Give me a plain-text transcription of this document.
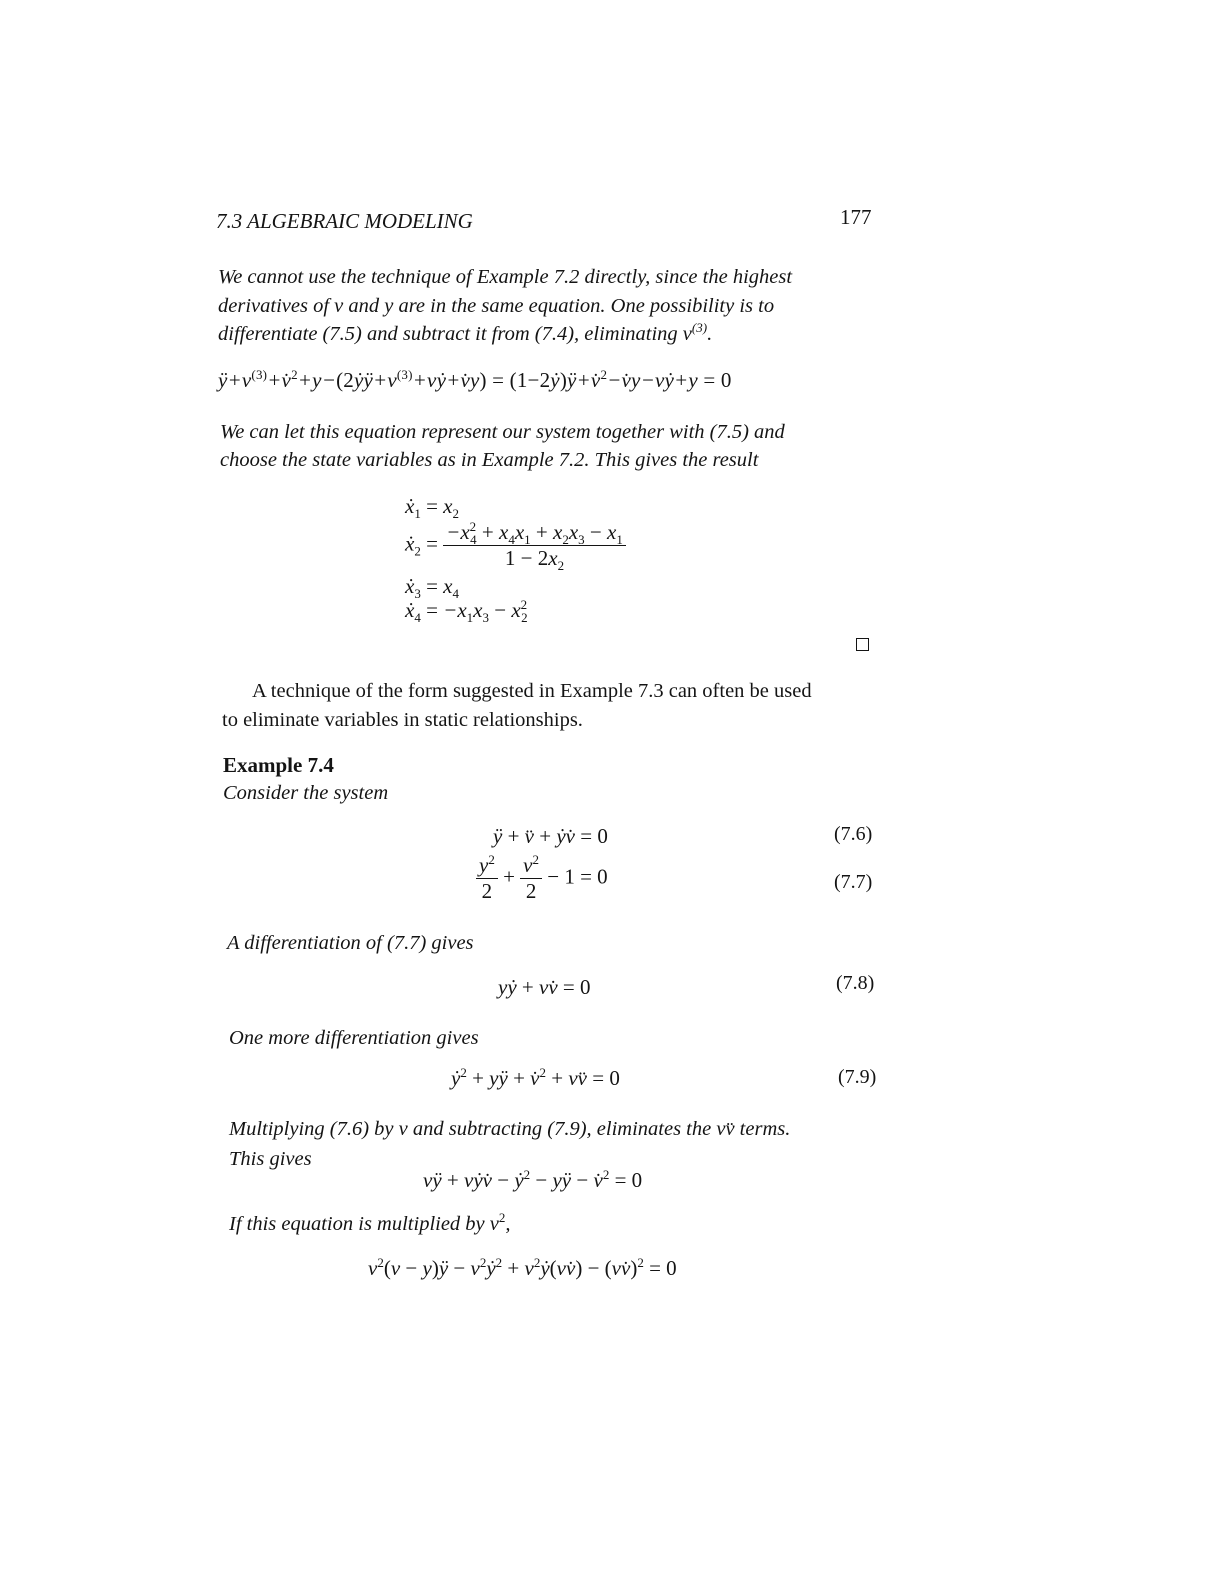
7.3 ALGEBRAIC MODELING	177
We cannot use the technique of Example 7.2 directly, since the highest
derivatives of v and y are in the same equation. One possibility is to
differentiate (7.5) and subtract it from (7.4), eliminating $v^{(3)}$.
$ÿ+v^{(3)}+v̇^2+y-(2ẏÿ+v^{(3)}+vẏ+v̇y)$ = (1−2ẏ)ÿ+v̇$^2$−v̇y−vẏ+y = 0
We can let this equation represent our system together with (7.5) and
choose the state variables as in Example 7.2. This gives the result
ẋ$_1$ = $x_2$
ẋ$_2$ = $\frac{-x^2_4 + x_4x_1 + x_2x_3 - x_1}{1 - 2x_2}$
ẋ$_3$ = $x_4$
ẋ$_4$ = $-x_1x_3 - x^2_2$
A technique of the form suggested in Example 7.3 can often be used
to eliminate variables in static relationships.
Example 7.4
Consider the system
ÿ + v̈ + ẏv̇ = 0	(7.6)
$\frac{y^2}{2} + \frac{v^2}{2} - 1 = 0$	(7.7)
A differentiation of (7.7) gives
yẏ + vv̇ = 0	(7.8)
One more differentiation gives
ẏ$^2$ + yÿ + v̇$^2$ + vv̈ = 0	(7.9)
Multiplying (7.6) by v and subtracting (7.9), eliminates the vv̈ terms.
This gives
vÿ + vẏv̇ − ẏ$^2$ − yÿ − v̇$^2$ = 0
If this equation is multiplied by $v^2$,
$v^2(v$ − y)ÿ − $v^2ẏ^2$ + $v^2ẏ(vv̇)$ − (vv̇)$^2$ = 0
